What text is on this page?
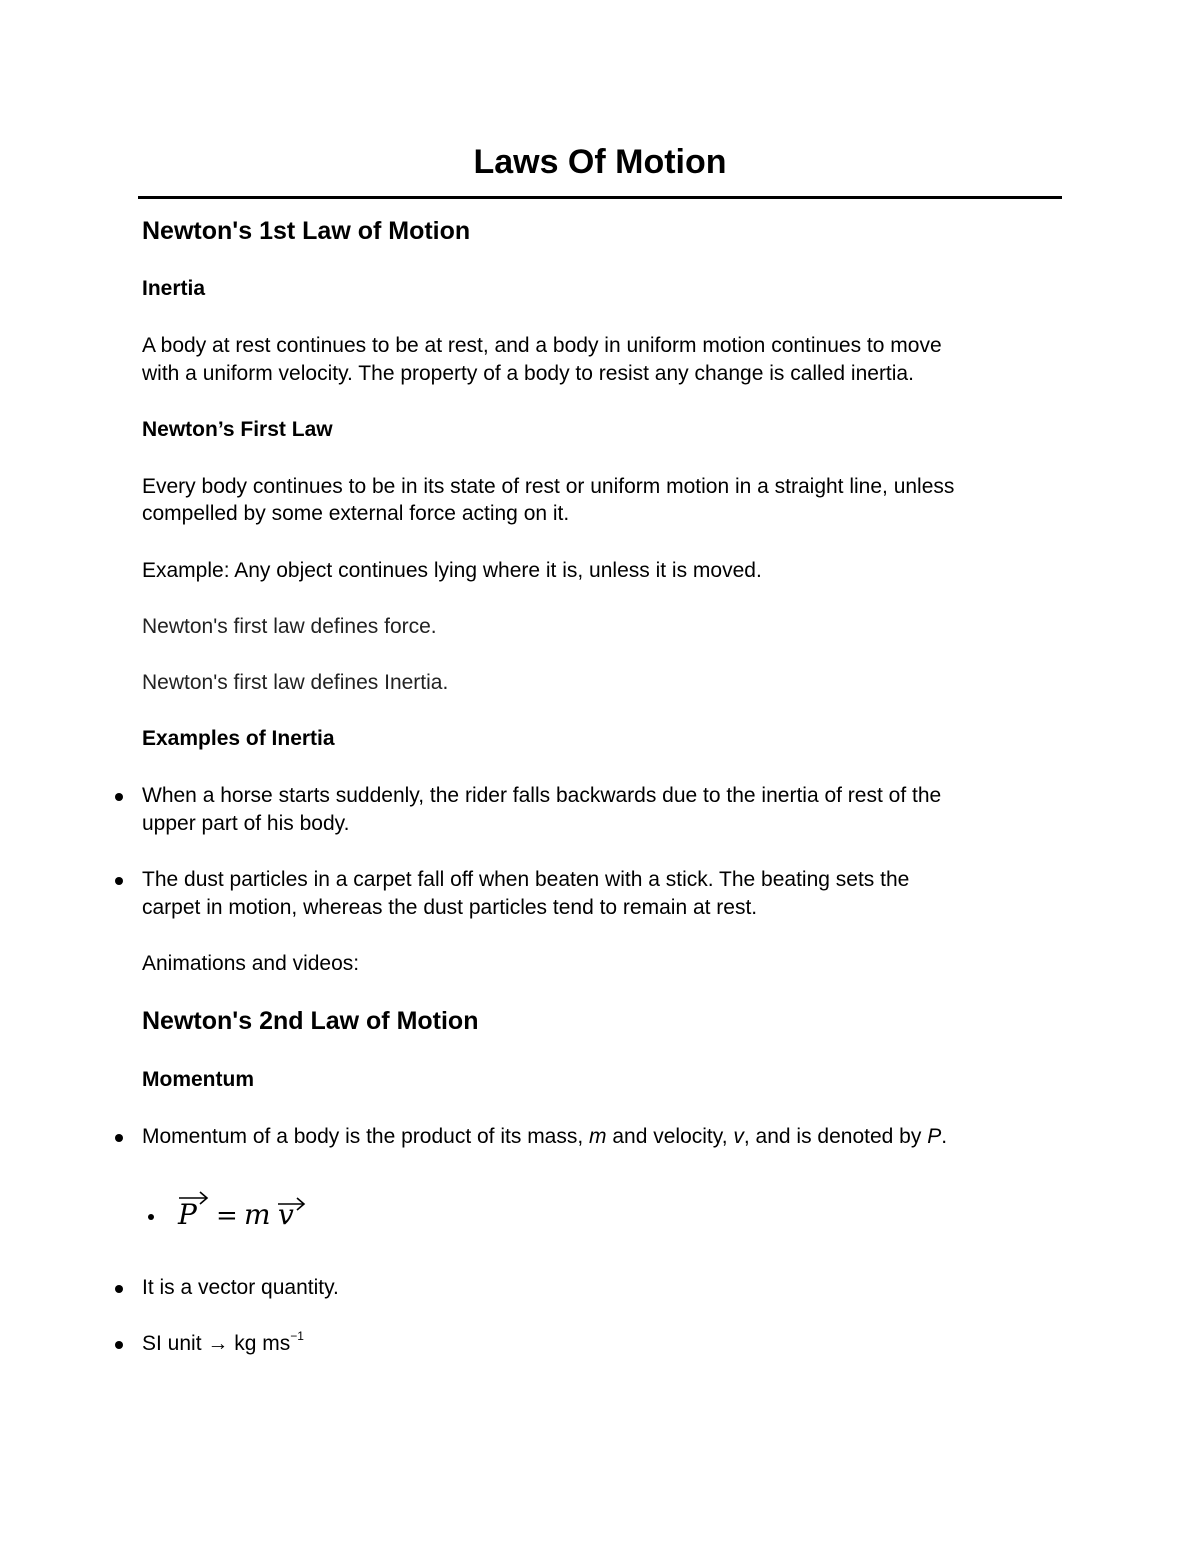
Laws Of Motion
Newton's 1st Law of Motion
Inertia
A body at rest continues to be at rest, and a body in uniform motion continues to move
with a uniform velocity. The property of a body to resist any change is called inertia.
Newton’s First Law
Every body continues to be in its state of rest or uniform motion in a straight line, unless
compelled by some external force acting on it.
Example: Any object continues lying where it is, unless it is moved.
Newton's first law defines force.
Newton's first law defines Inertia.
Examples of Inertia
When a horse starts suddenly, the rider falls backwards due to the inertia of rest of the
upper part of his body.
The dust particles in a carpet fall off when beaten with a stick. The beating sets the
carpet in motion, whereas the dust particles tend to remain at rest.
Animations and videos:
Newton's 2nd Law of Motion
Momentum
Momentum of a body is the product of its mass, m and velocity, v, and is denoted by P.
P = m v
It is a vector quantity.
SI unit → kg $ms^{-1}$
